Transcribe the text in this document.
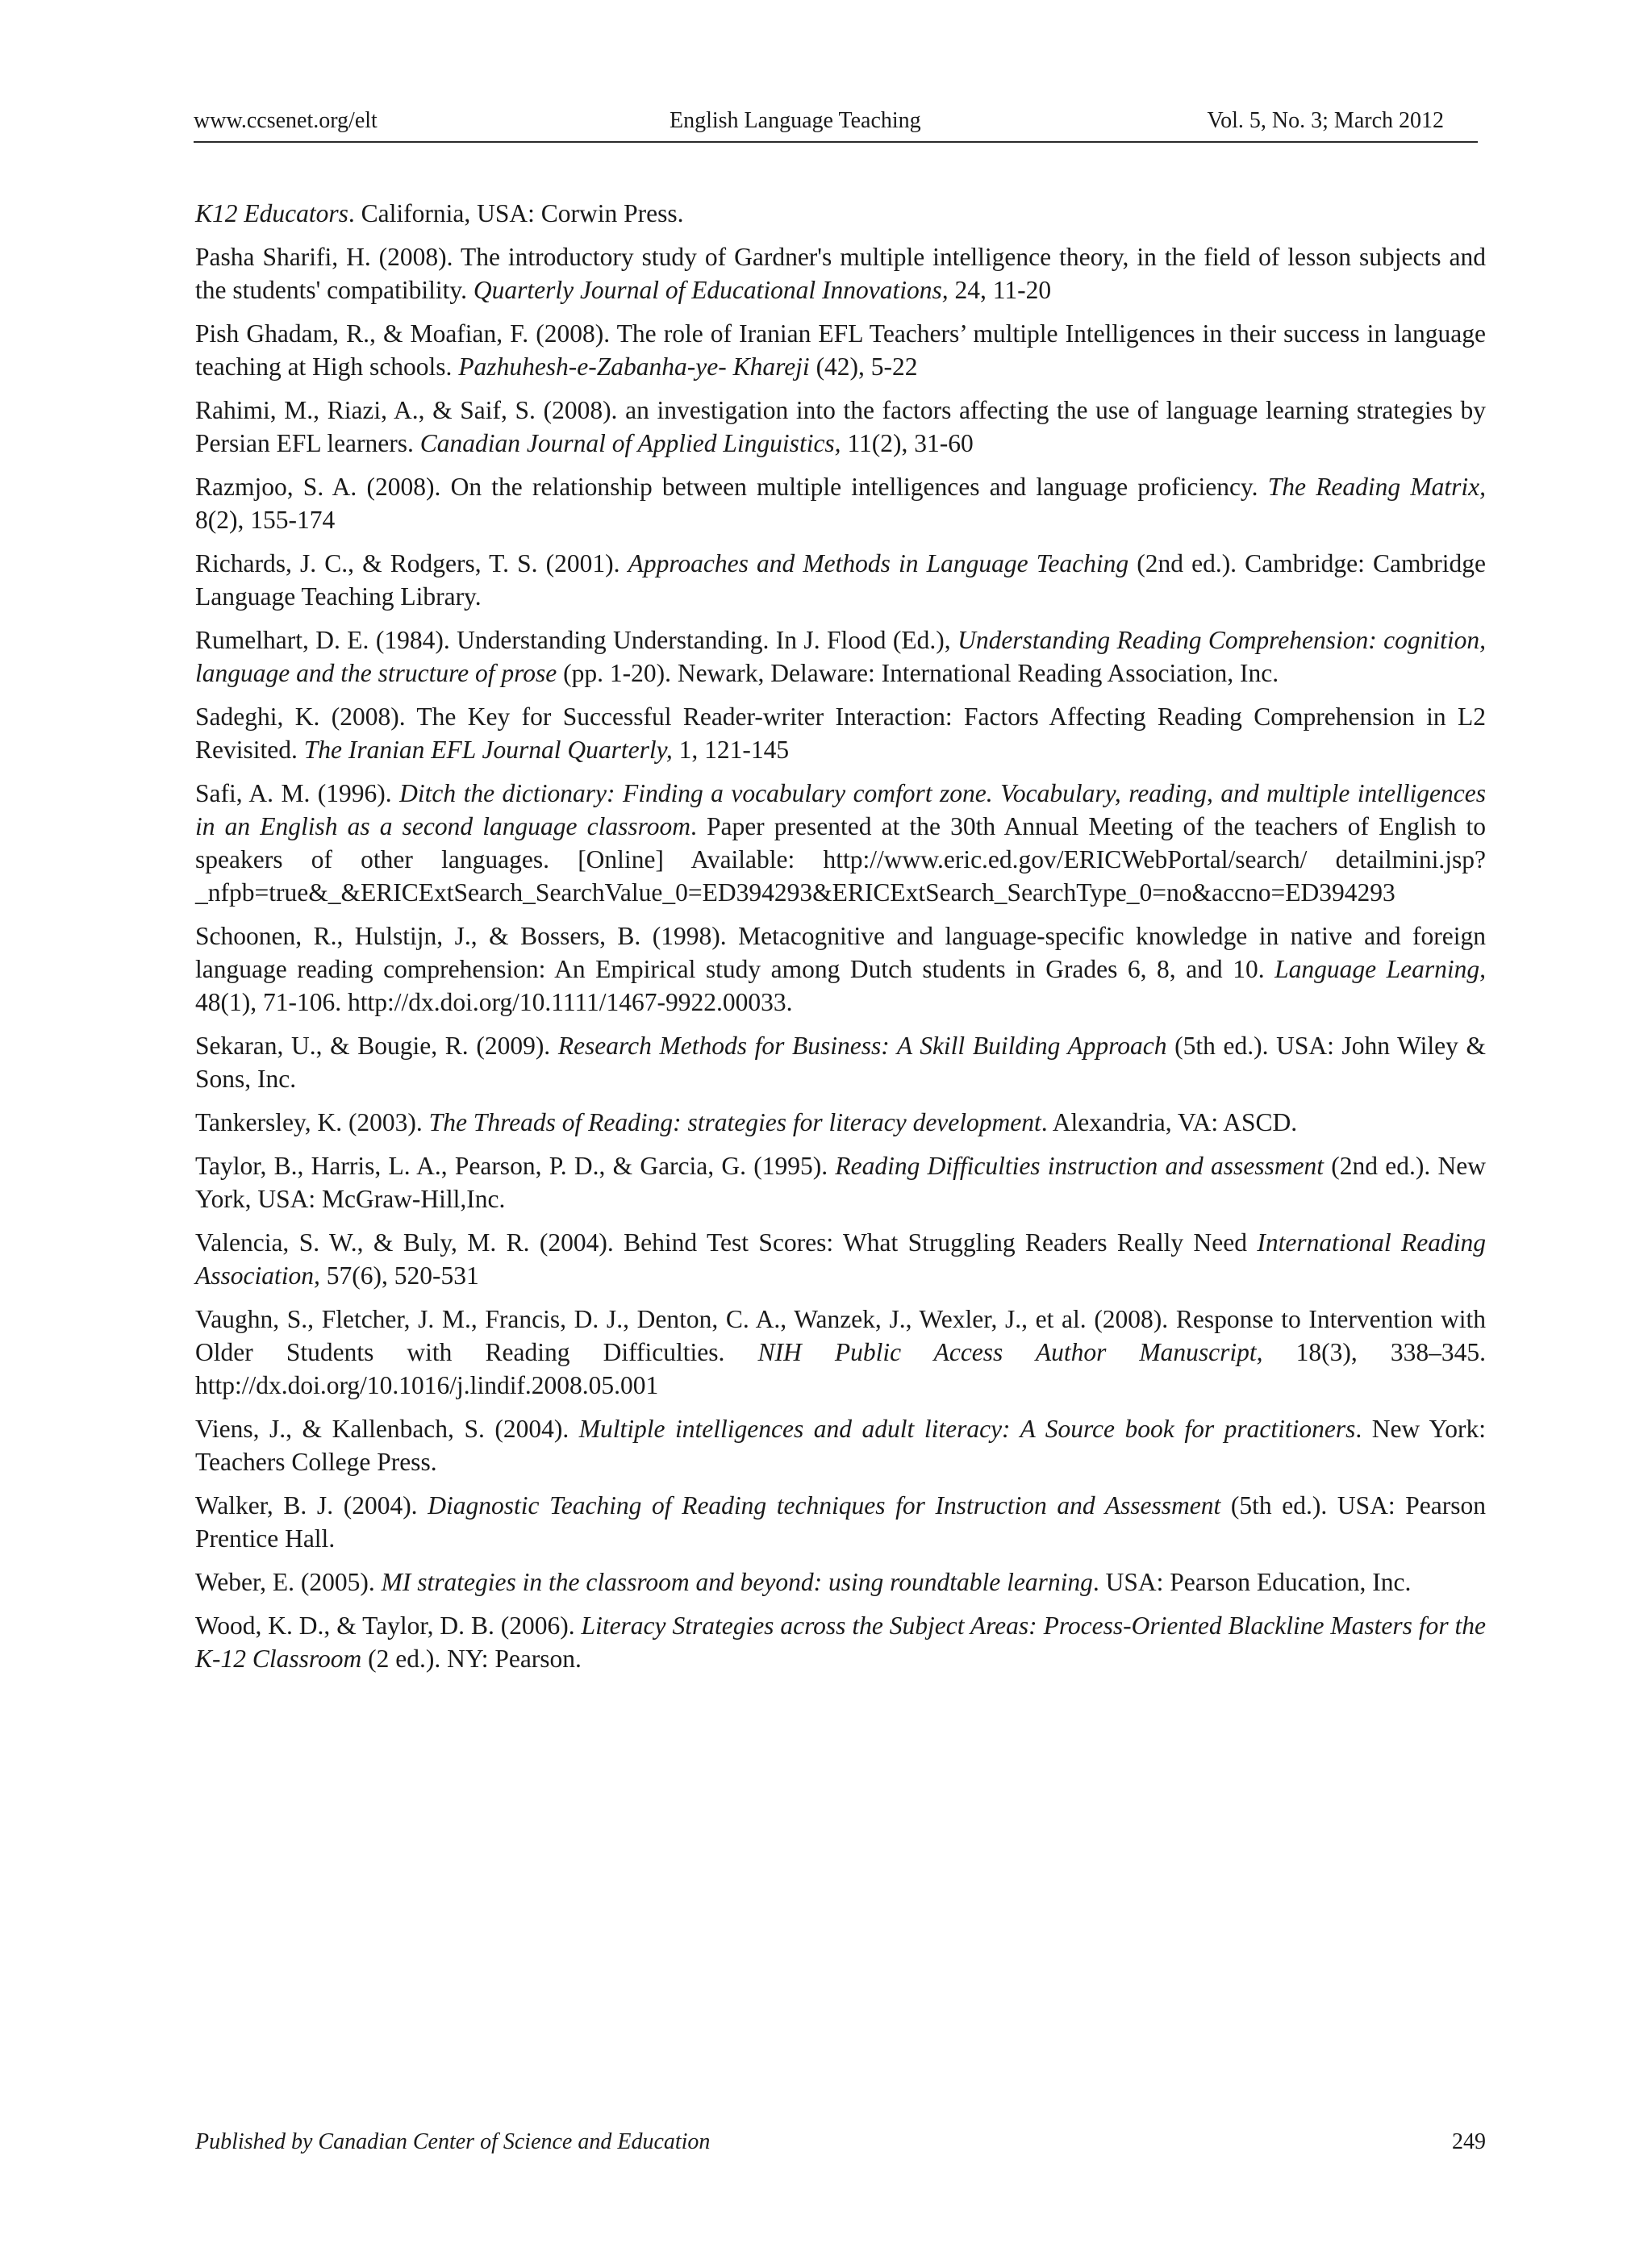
www.ccsenet.org/elt	English Language Teaching	Vol. 5, No. 3; March 2012

K12 Educators. California, USA: Corwin Press.

Pasha Sharifi, H. (2008). The introductory study of Gardner's multiple intelligence theory, in the field of lesson subjects and the students' compatibility. Quarterly Journal of Educational Innovations, 24, 11-20

Pish Ghadam, R., & Moafian, F. (2008). The role of Iranian EFL Teachers’ multiple Intelligences in their success in language teaching at High schools. Pazhuhesh-e-Zabanha-ye- Khareji (42), 5-22

Rahimi, M., Riazi, A., & Saif, S. (2008). an investigation into the factors affecting the use of language learning strategies by Persian EFL learners. Canadian Journal of Applied Linguistics, 11(2), 31-60

Razmjoo, S. A. (2008). On the relationship between multiple intelligences and language proficiency. The Reading Matrix, 8(2), 155-174

Richards, J. C., & Rodgers, T. S. (2001). Approaches and Methods in Language Teaching (2nd ed.). Cambridge: Cambridge Language Teaching Library.

Rumelhart, D. E. (1984). Understanding Understanding. In J. Flood (Ed.), Understanding Reading Comprehension: cognition, language and the structure of prose (pp. 1-20). Newark, Delaware: International Reading Association, Inc.

Sadeghi, K. (2008). The Key for Successful Reader-writer Interaction: Factors Affecting Reading Comprehension in L2 Revisited. The Iranian EFL Journal Quarterly, 1, 121-145

Safi, A. M. (1996). Ditch the dictionary: Finding a vocabulary comfort zone. Vocabulary, reading, and multiple intelligences in an English as a second language classroom. Paper presented at the 30th Annual Meeting of the teachers of English to speakers of other languages. [Online] Available: http://www.eric.ed.gov/ERICWebPortal/search/ detailmini.jsp?_nfpb=true&_&ERICExtSearch_SearchValue_0=ED394293&ERICExtSearch_SearchType_0=no&accno=ED394293

Schoonen, R., Hulstijn, J., & Bossers, B. (1998). Metacognitive and language-specific knowledge in native and foreign language reading comprehension: An Empirical study among Dutch students in Grades 6, 8, and 10. Language Learning, 48(1), 71-106. http://dx.doi.org/10.1111/1467-9922.00033.

Sekaran, U., & Bougie, R. (2009). Research Methods for Business: A Skill Building Approach (5th ed.). USA: John Wiley & Sons, Inc.

Tankersley, K. (2003). The Threads of Reading: strategies for literacy development. Alexandria, VA: ASCD.

Taylor, B., Harris, L. A., Pearson, P. D., & Garcia, G. (1995). Reading Difficulties instruction and assessment (2nd ed.). New York, USA: McGraw-Hill,Inc.

Valencia, S. W., & Buly, M. R. (2004). Behind Test Scores: What Struggling Readers Really Need International Reading Association, 57(6), 520-531

Vaughn, S., Fletcher, J. M., Francis, D. J., Denton, C. A., Wanzek, J., Wexler, J., et al. (2008). Response to Intervention with Older Students with Reading Difficulties. NIH Public Access Author Manuscript, 18(3), 338–345. http://dx.doi.org/10.1016/j.lindif.2008.05.001

Viens, J., & Kallenbach, S. (2004). Multiple intelligences and adult literacy: A Source book for practitioners. New York: Teachers College Press.

Walker, B. J. (2004). Diagnostic Teaching of Reading techniques for Instruction and Assessment (5th ed.). USA: Pearson Prentice Hall.

Weber, E. (2005). MI strategies in the classroom and beyond: using roundtable learning. USA: Pearson Education, Inc.

Wood, K. D., & Taylor, D. B. (2006). Literacy Strategies across the Subject Areas: Process-Oriented Blackline Masters for the K-12 Classroom (2 ed.). NY: Pearson.

Published by Canadian Center of Science and Education	249
